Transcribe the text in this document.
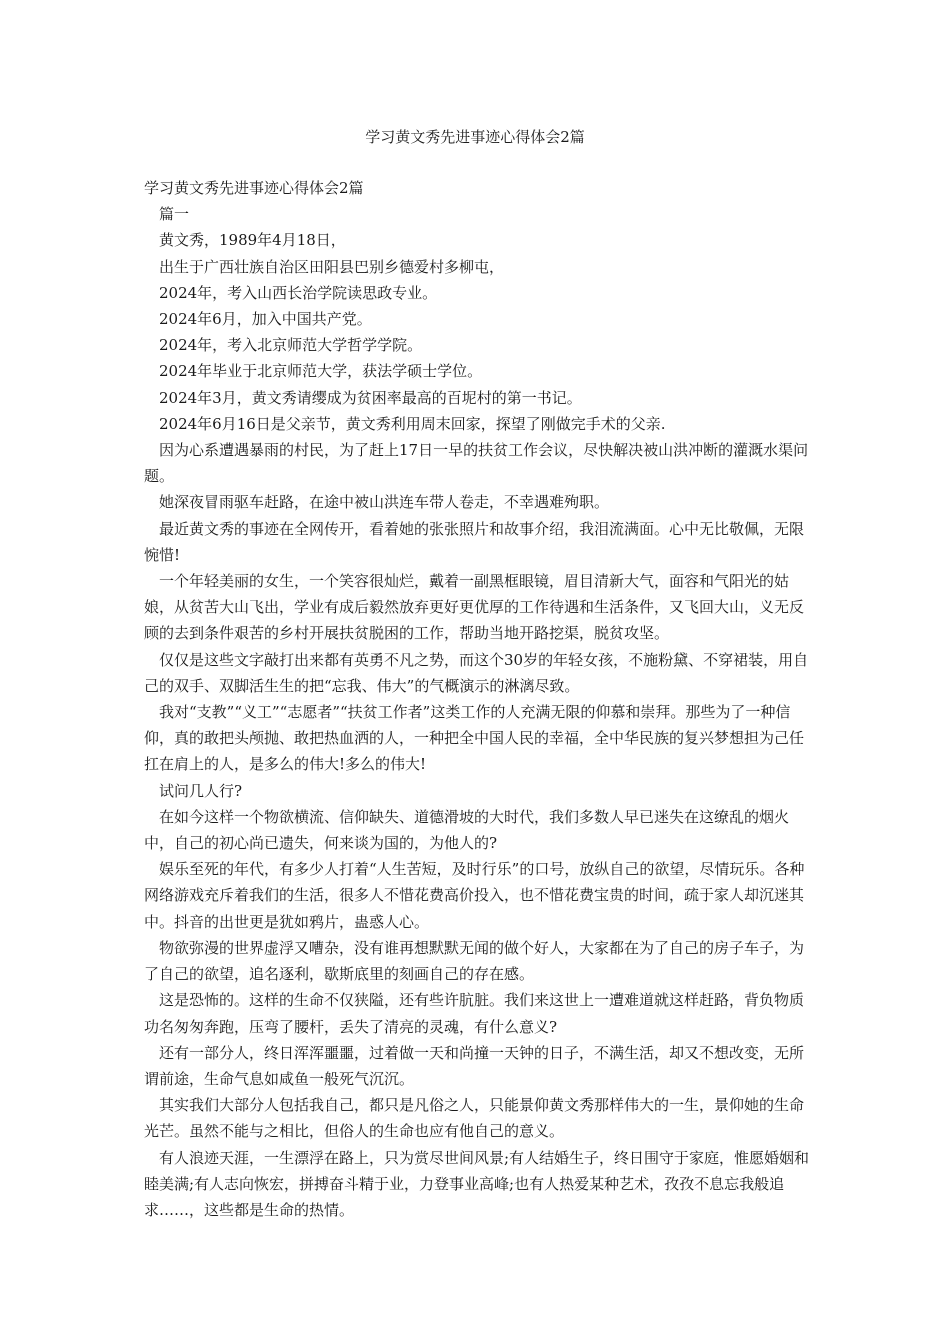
学习黄文秀先进事迹心得体会2篇

学习黄文秀先进事迹心得体会2篇

篇一

黄文秀，1989年4月18日，

出生于广西壮族自治区田阳县巴别乡德爱村多柳屯，

2024年，考入山西长治学院读思政专业。

2024年6月，加入中国共产党。

2024年，考入北京师范大学哲学学院。

2024年毕业于北京师范大学，获法学硕士学位。

2024年3月，黄文秀请缨成为贫困率最高的百坭村的第一书记。

2024年6月16日是父亲节，黄文秀利用周末回家，探望了刚做完手术的父亲.

因为心系遭遇暴雨的村民，为了赶上17日一早的扶贫工作会议，尽快解决被山洪冲断的灌溉水渠问题。

她深夜冒雨驱车赶路，在途中被山洪连车带人卷走，不幸遇难殉职。

最近黄文秀的事迹在全网传开，看着她的张张照片和故事介绍，我泪流满面。心中无比敬佩，无限惋惜!

一个年轻美丽的女生，一个笑容很灿烂，戴着一副黑框眼镜，眉目清新大气，面容和气阳光的姑娘，从贫苦大山飞出，学业有成后毅然放弃更好更优厚的工作待遇和生活条件，又飞回大山，义无反顾的去到条件艰苦的乡村开展扶贫脱困的工作，帮助当地开路挖渠，脱贫攻坚。

仅仅是这些文字敲打出来都有英勇不凡之势，而这个30岁的年轻女孩，不施粉黛、不穿裙装，用自己的双手、双脚活生生的把“忘我、伟大”的气概演示的淋漓尽致。

我对“支教”“义工”“志愿者”“扶贫工作者”这类工作的人充满无限的仰慕和崇拜。那些为了一种信仰，真的敢把头颅抛、敢把热血洒的人，一种把全中国人民的幸福，全中华民族的复兴梦想担为己任扛在肩上的人，是多么的伟大!多么的伟大!

试问几人行?

在如今这样一个物欲横流、信仰缺失、道德滑坡的大时代，我们多数人早已迷失在这缭乱的烟火中，自己的初心尚已遗失，何来谈为国的，为他人的?

娱乐至死的年代，有多少人打着“人生苦短，及时行乐”的口号，放纵自己的欲望，尽情玩乐。各种网络游戏充斥着我们的生活，很多人不惜花费高价投入，也不惜花费宝贵的时间，疏于家人却沉迷其中。抖音的出世更是犹如鸦片，蛊惑人心。

物欲弥漫的世界虚浮又嘈杂，没有谁再想默默无闻的做个好人，大家都在为了自己的房子车子，为了自己的欲望，追名逐利，歇斯底里的刻画自己的存在感。

这是恐怖的。这样的生命不仅狭隘，还有些许肮脏。我们来这世上一遭难道就这样赶路，背负物质功名匆匆奔跑，压弯了腰杆，丢失了清亮的灵魂，有什么意义?

还有一部分人，终日浑浑噩噩，过着做一天和尚撞一天钟的日子，不满生活，却又不想改变，无所谓前途，生命气息如咸鱼一般死气沉沉。

其实我们大部分人包括我自己，都只是凡俗之人，只能景仰黄文秀那样伟大的一生，景仰她的生命光芒。虽然不能与之相比，但俗人的生命也应有他自己的意义。

有人浪迹天涯，一生漂浮在路上，只为赏尽世间风景;有人结婚生子，终日围守于家庭，惟愿婚姻和睦美满;有人志向恢宏，拼搏奋斗精于业，力登事业高峰;也有人热爱某种艺术，孜孜不息忘我般追求……，这些都是生命的热情。
